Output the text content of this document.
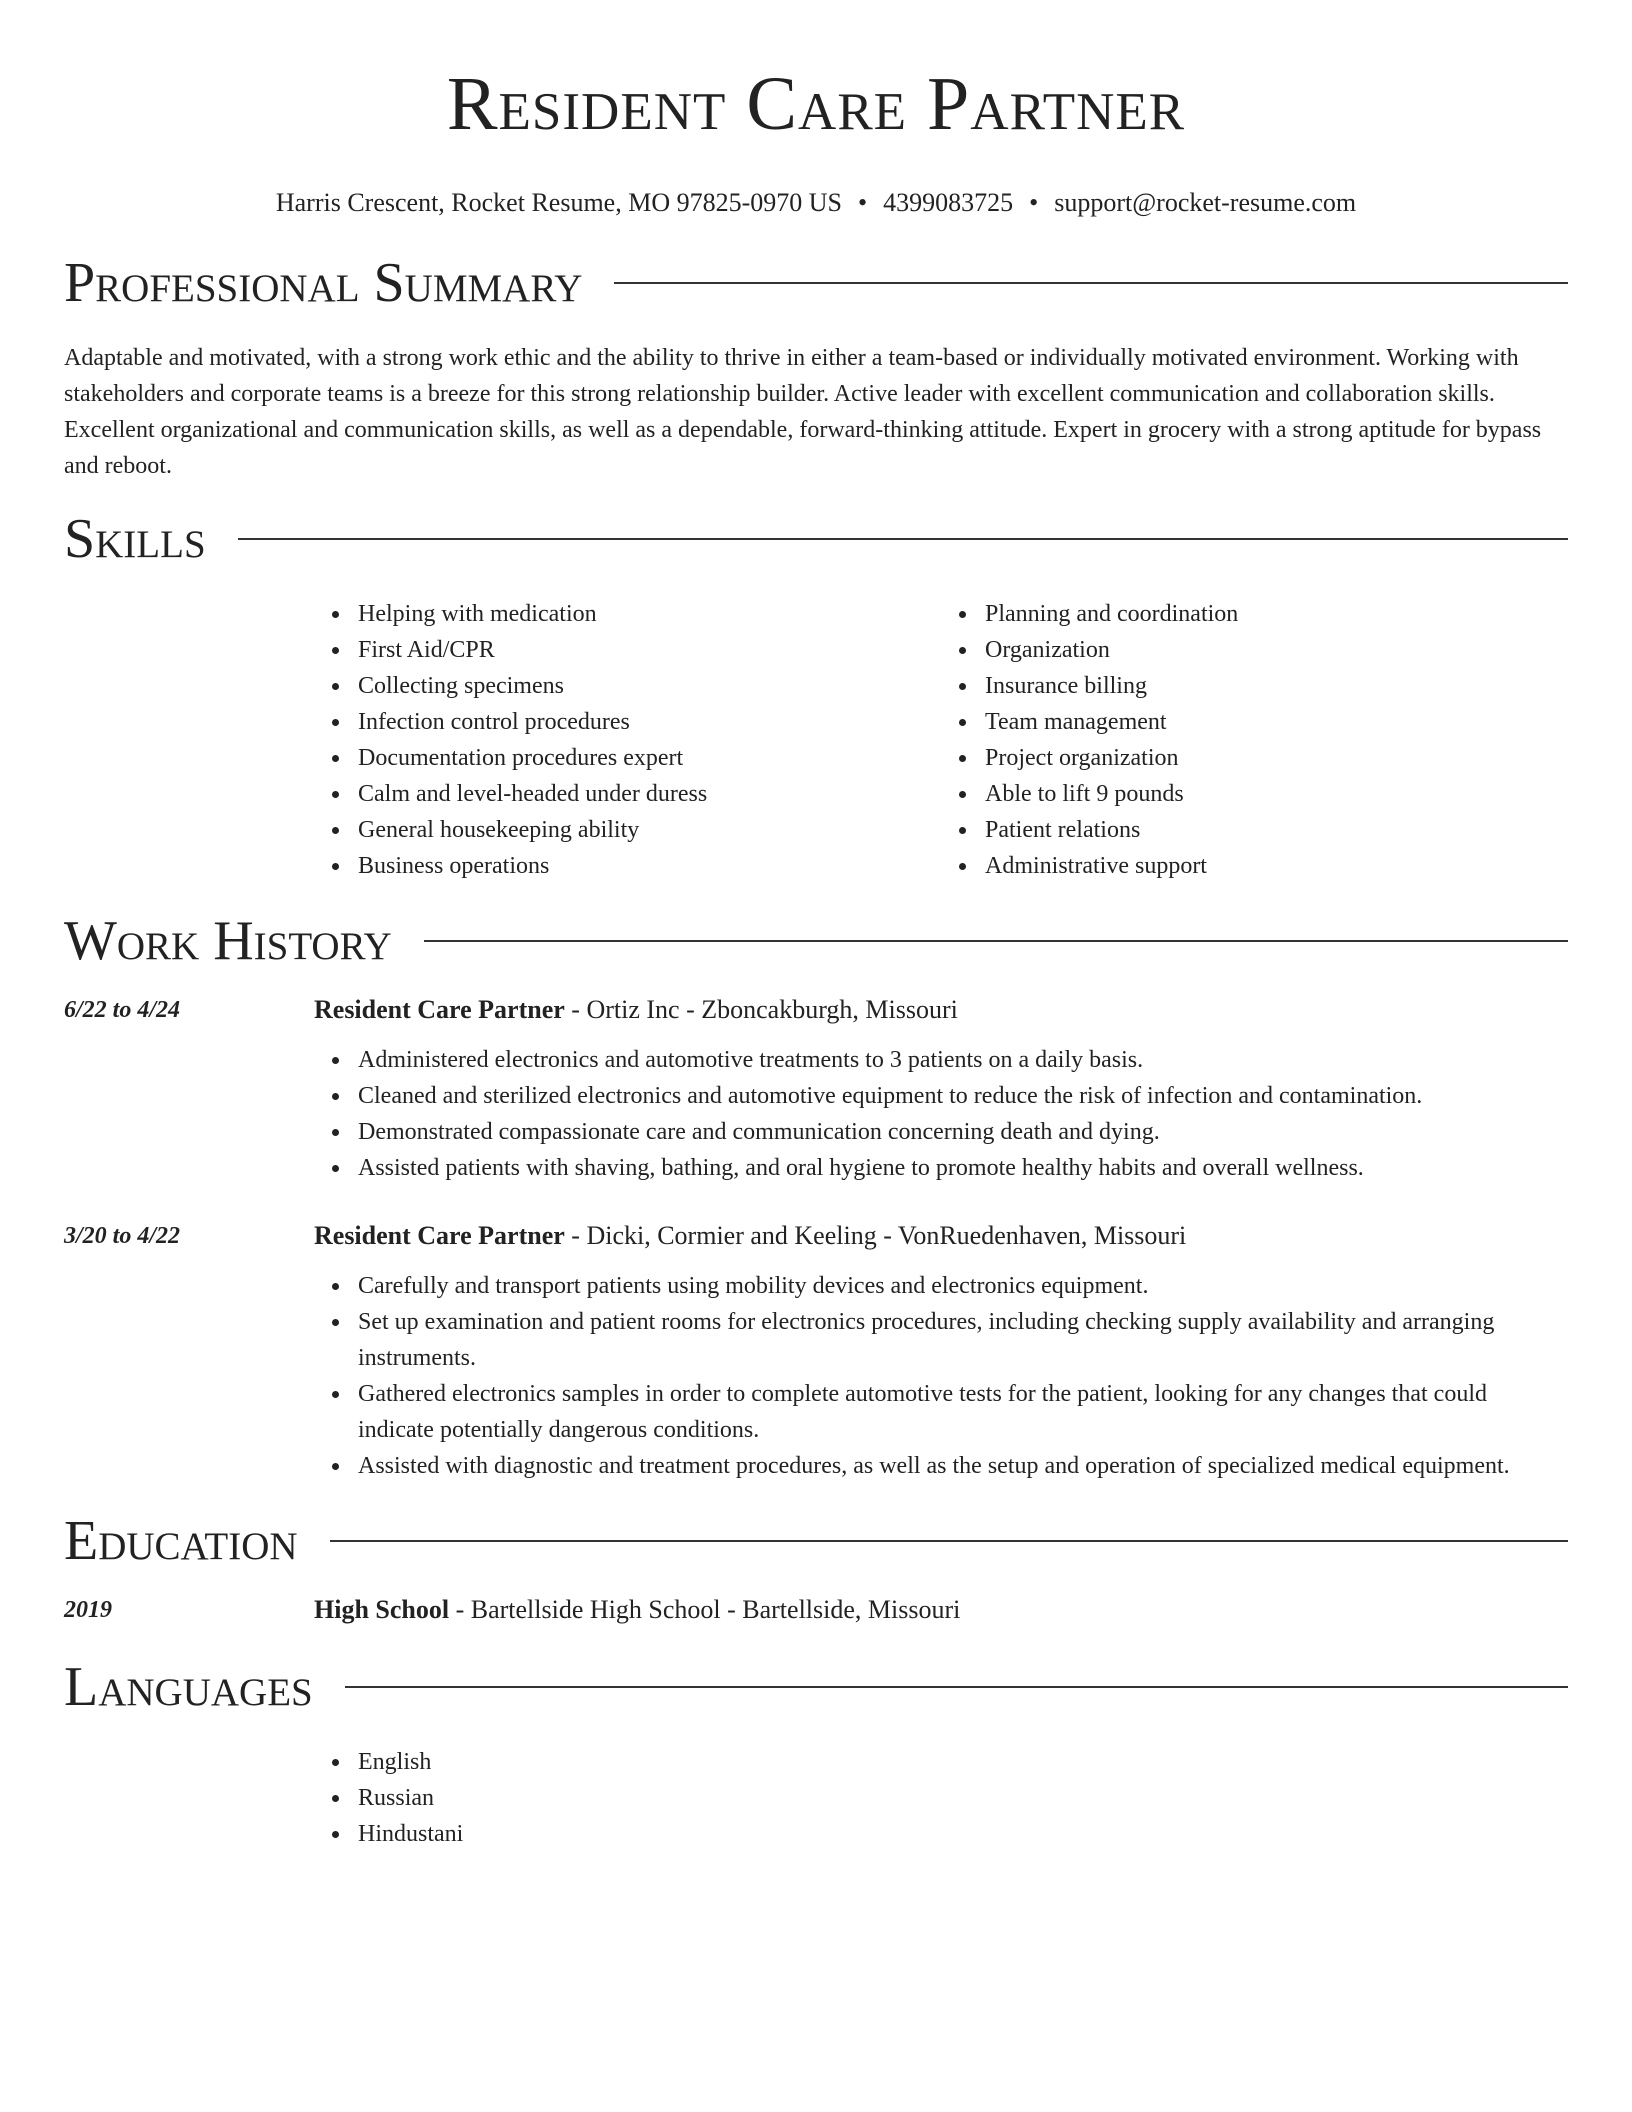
Resident Care Partner
Harris Crescent, Rocket Resume, MO 97825-0970 US • 4399083725 • support@rocket-resume.com
Professional Summary

Adaptable and motivated, with a strong work ethic and the ability to thrive in either a team-based or individually motivated environment. Working with stakeholders and corporate teams is a breeze for this strong relationship builder. Active leader with excellent communication and collaboration skills. Excellent organizational and communication skills, as well as a dependable, forward-thinking attitude. Expert in grocery with a strong aptitude for bypass and reboot.

Skills
Helping with medication
First Aid/CPR
Collecting specimens
Infection control procedures
Documentation procedures expert
Calm and level-headed under duress
General housekeeping ability
Business operations
Planning and coordination
Organization
Insurance billing
Team management
Project organization
Able to lift 9 pounds
Patient relations
Administrative support
Work History
6/22 to 4/24	Resident Care Partner - Ortiz Inc - Zboncakburgh, Missouri
Administered electronics and automotive treatments to 3 patients on a daily basis.
Cleaned and sterilized electronics and automotive equipment to reduce the risk of infection and contamination.
Demonstrated compassionate care and communication concerning death and dying.
Assisted patients with shaving, bathing, and oral hygiene to promote healthy habits and overall wellness.
3/20 to 4/22	Resident Care Partner - Dicki, Cormier and Keeling - VonRuedenhaven, Missouri
Carefully and transport patients using mobility devices and electronics equipment.
Set up examination and patient rooms for electronics procedures, including checking supply availability and arranging instruments.
Gathered electronics samples in order to complete automotive tests for the patient, looking for any changes that could indicate potentially dangerous conditions.
Assisted with diagnostic and treatment procedures, as well as the setup and operation of specialized medical equipment.
Education
2019	High School - Bartellside High School - Bartellside, Missouri
Languages
English
Russian
Hindustani
